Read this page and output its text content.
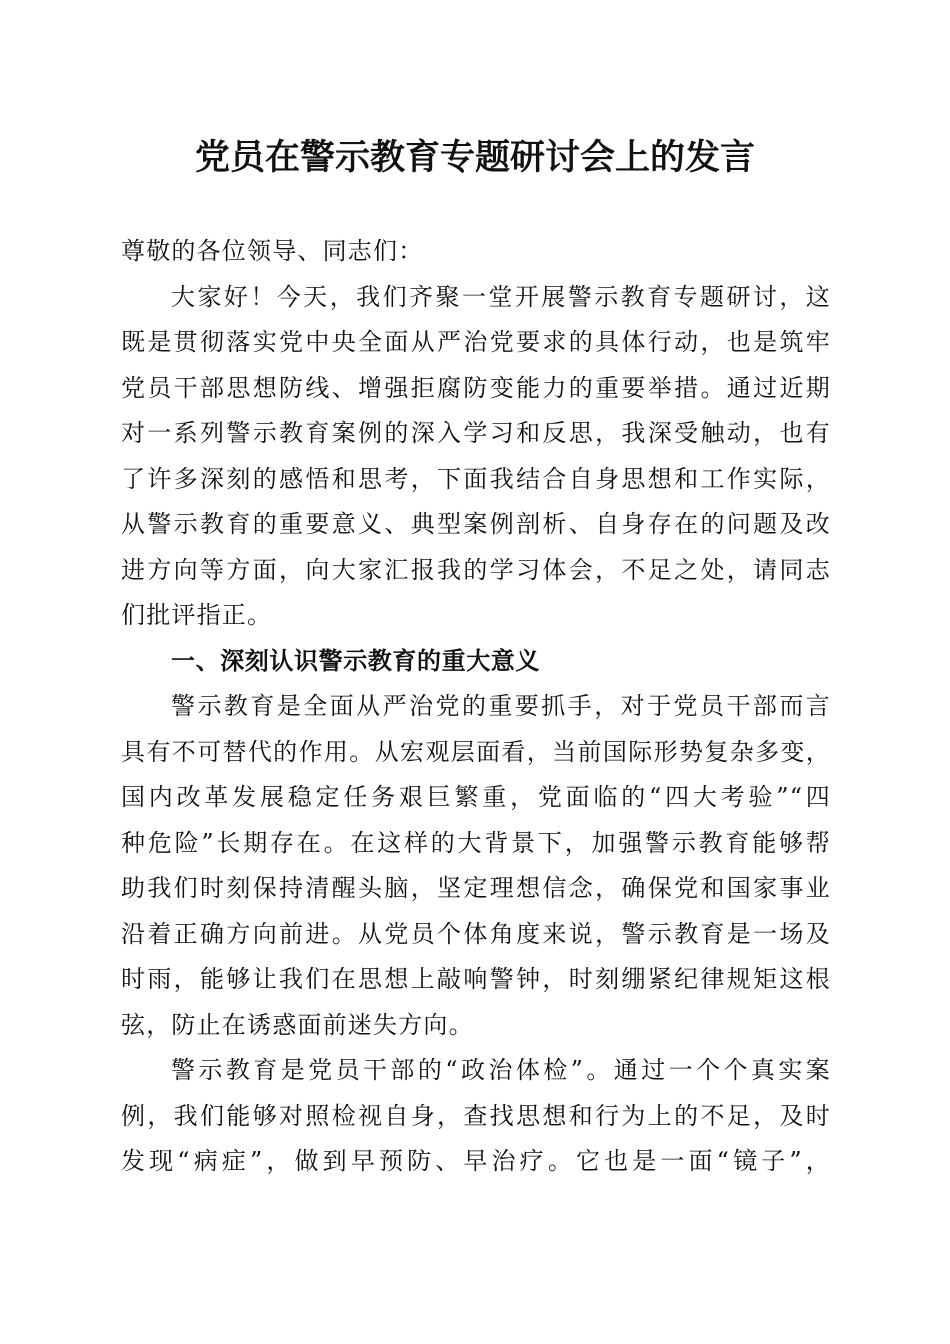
党员在警示教育专题研讨会上的发言
尊敬的各位领导、同志们：
大家好！今天，我们齐聚一堂开展警示教育专题研讨，这
既是贯彻落实党中央全面从严治党要求的具体行动，也是筑牢
党员干部思想防线、增强拒腐防变能力的重要举措。通过近期
对一系列警示教育案例的深入学习和反思，我深受触动，也有
了许多深刻的感悟和思考，下面我结合自身思想和工作实际，
从警示教育的重要意义、典型案例剖析、自身存在的问题及改
进方向等方面，向大家汇报我的学习体会，不足之处，请同志
们批评指正。
一、深刻认识警示教育的重大意义
警示教育是全面从严治党的重要抓手，对于党员干部而言
具有不可替代的作用。从宏观层面看，当前国际形势复杂多变，
国内改革发展稳定任务艰巨繁重，党面临的“四大考验”“四
种危险”长期存在。在这样的大背景下，加强警示教育能够帮
助我们时刻保持清醒头脑，坚定理想信念，确保党和国家事业
沿着正确方向前进。从党员个体角度来说，警示教育是一场及
时雨，能够让我们在思想上敲响警钟，时刻绷紧纪律规矩这根
弦，防止在诱惑面前迷失方向。
警示教育是党员干部的“政治体检”。通过一个个真实案
例，我们能够对照检视自身，查找思想和行为上的不足，及时
发现“病症”，做到早预防、早治疗。它也是一面“镜子”，
